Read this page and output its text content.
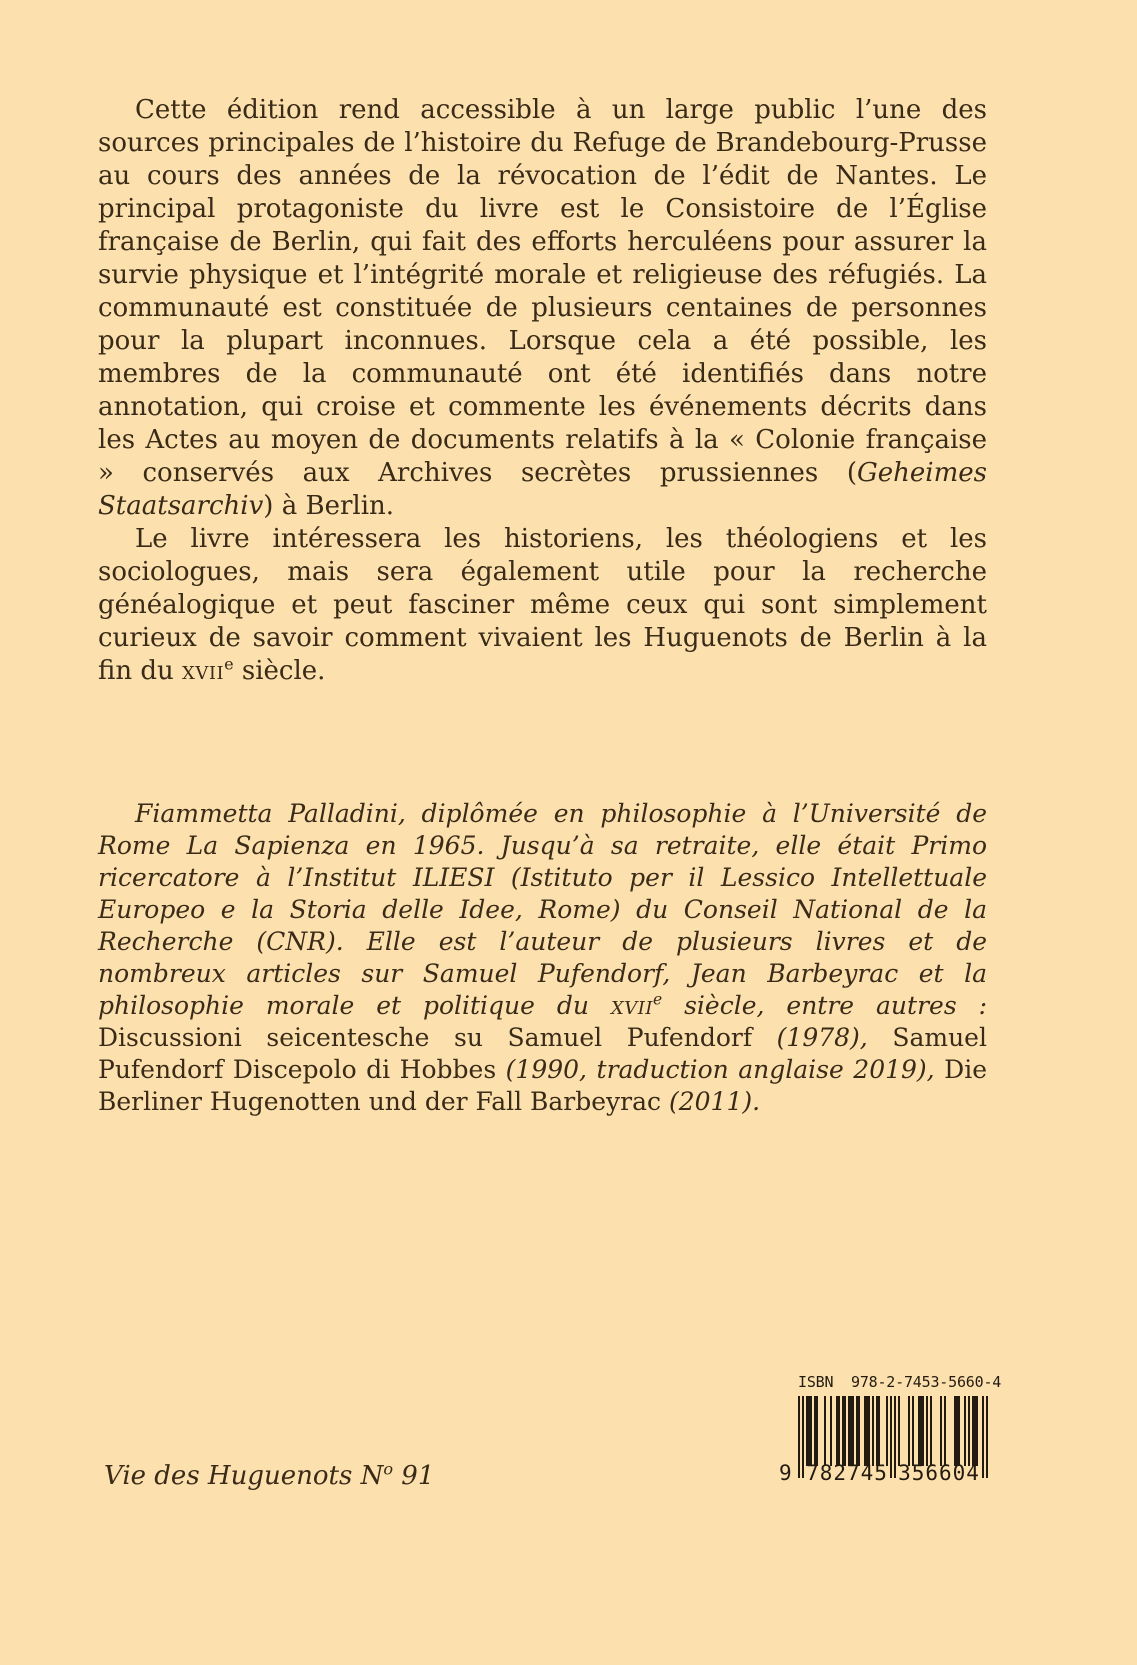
Cette édition rend accessible à un large public l’une des sources principales de l’histoire du Refuge de Brandebourg-Prusse au cours des années de la révocation de l’édit de Nantes. Le principal protagoniste du livre est le Consistoire de l’Église française de Berlin, qui fait des efforts herculéens pour assurer la survie physique et l’intégrité morale et religieuse des réfugiés. La communauté est constituée de plusieurs centaines de personnes pour la plupart inconnues. Lorsque cela a été possible, les membres de la communauté ont été identifiés dans notre annotation, qui croise et commente les événements décrits dans les Actes au moyen de documents relatifs à la « Colonie française » conservés aux Archives secrètes prussiennes (Geheimes Staatsarchiv) à Berlin.

Le livre intéressera les historiens, les théologiens et les sociologues, mais sera également utile pour la recherche généalogique et peut fasciner même ceux qui sont simplement curieux de savoir comment vivaient les Huguenots de Berlin à la fin du xvii$^e$ siècle.

Fiammetta Palladini, diplômée en philosophie à l’Université de Rome La Sapienza en 1965. Jusqu’à sa retraite, elle était Primo ricercatore à l’Institut ILIESI (Istituto per il Lessico Intellettuale Europeo e la Storia delle Idee, Rome) du Conseil National de la Recherche (CNR). Elle est l’auteur de plusieurs livres et de nombreux articles sur Samuel Pufendorf, Jean Barbeyrac et la philosophie morale et politique du xvii$^e$ siècle, entre autres : Discussioni seicentesche su Samuel Pufendorf (1978), Samuel Pufendorf Discepolo di Hobbes (1990, traduction anglaise 2019), Die Berliner Hugenotten und der Fall Barbeyrac (2011).

Vie des Huguenots $N^o$ 91
ISBN  978-2-7453-5660-4
9 782745 356604
